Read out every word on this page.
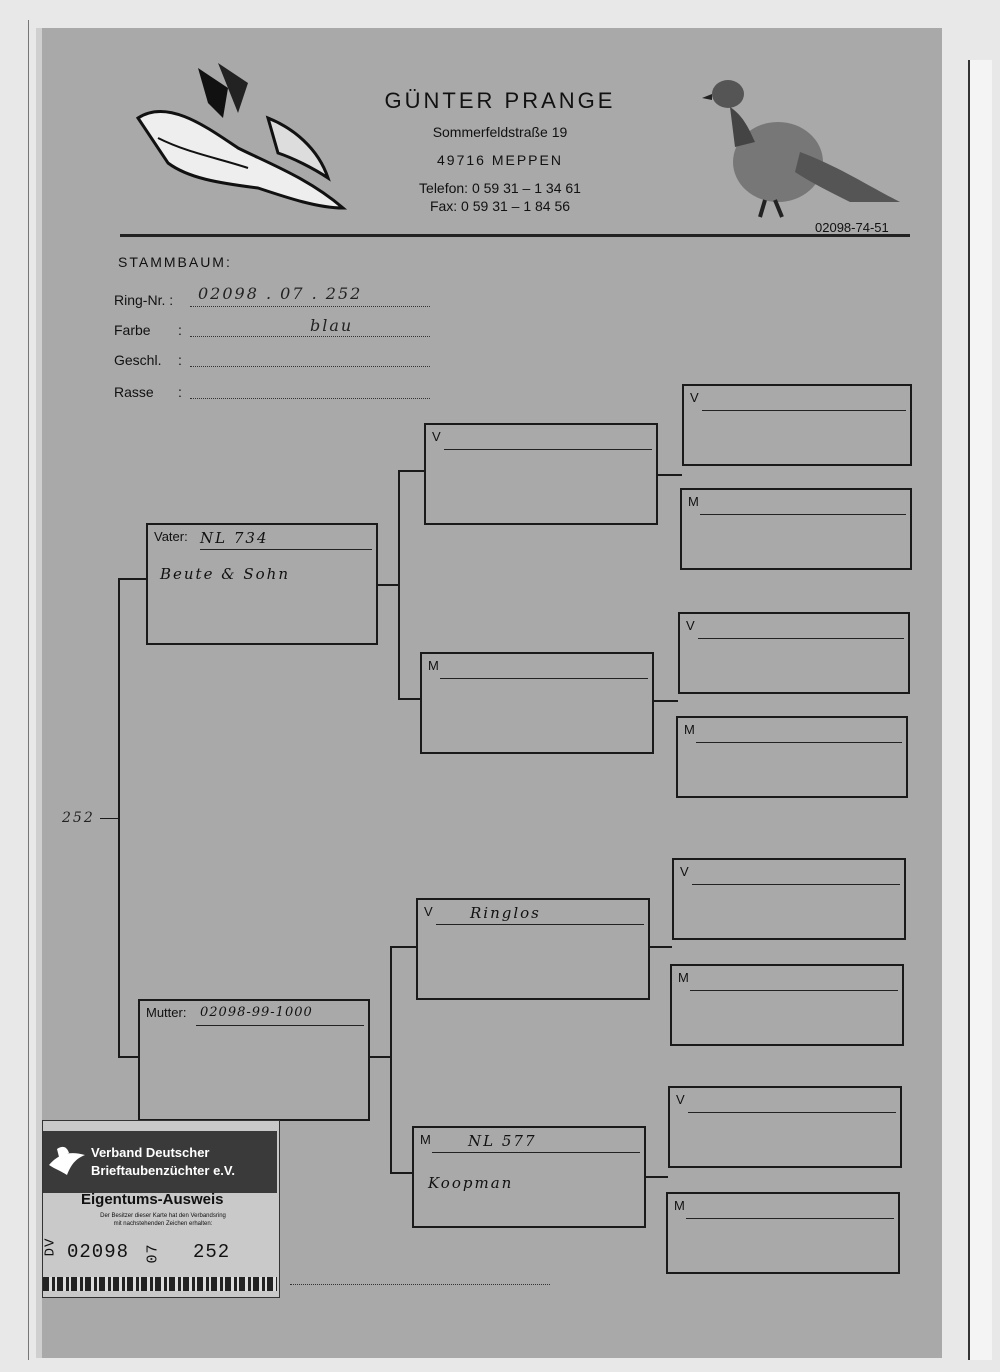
GÜNTER PRANGE
Sommerfeldstraße 19
49716 MEPPEN
Telefon: 0 59 31 – 1 34 61
Fax: 0 59 31 – 1 84 56
02098-74-51
STAMMBAUM:
Ring-Nr. : 02098 . 07 . 252
Farbe :	blau
Geschl. :
Rasse :
252
Vater: NL 734
Beute & Sohn
Mutter: 02098-99-1000
V
M
V Ringlos
M NL 577
Koopman
V
M
V
M
V
M
V
M
Verband Deutscher
Brieftaubenzüchter e.V.
Eigentums-Ausweis
Der Besitzer dieser Karte hat den Verbandsring
mit nachstehenden Zeichen erhalten:
DV 02098 07 252
